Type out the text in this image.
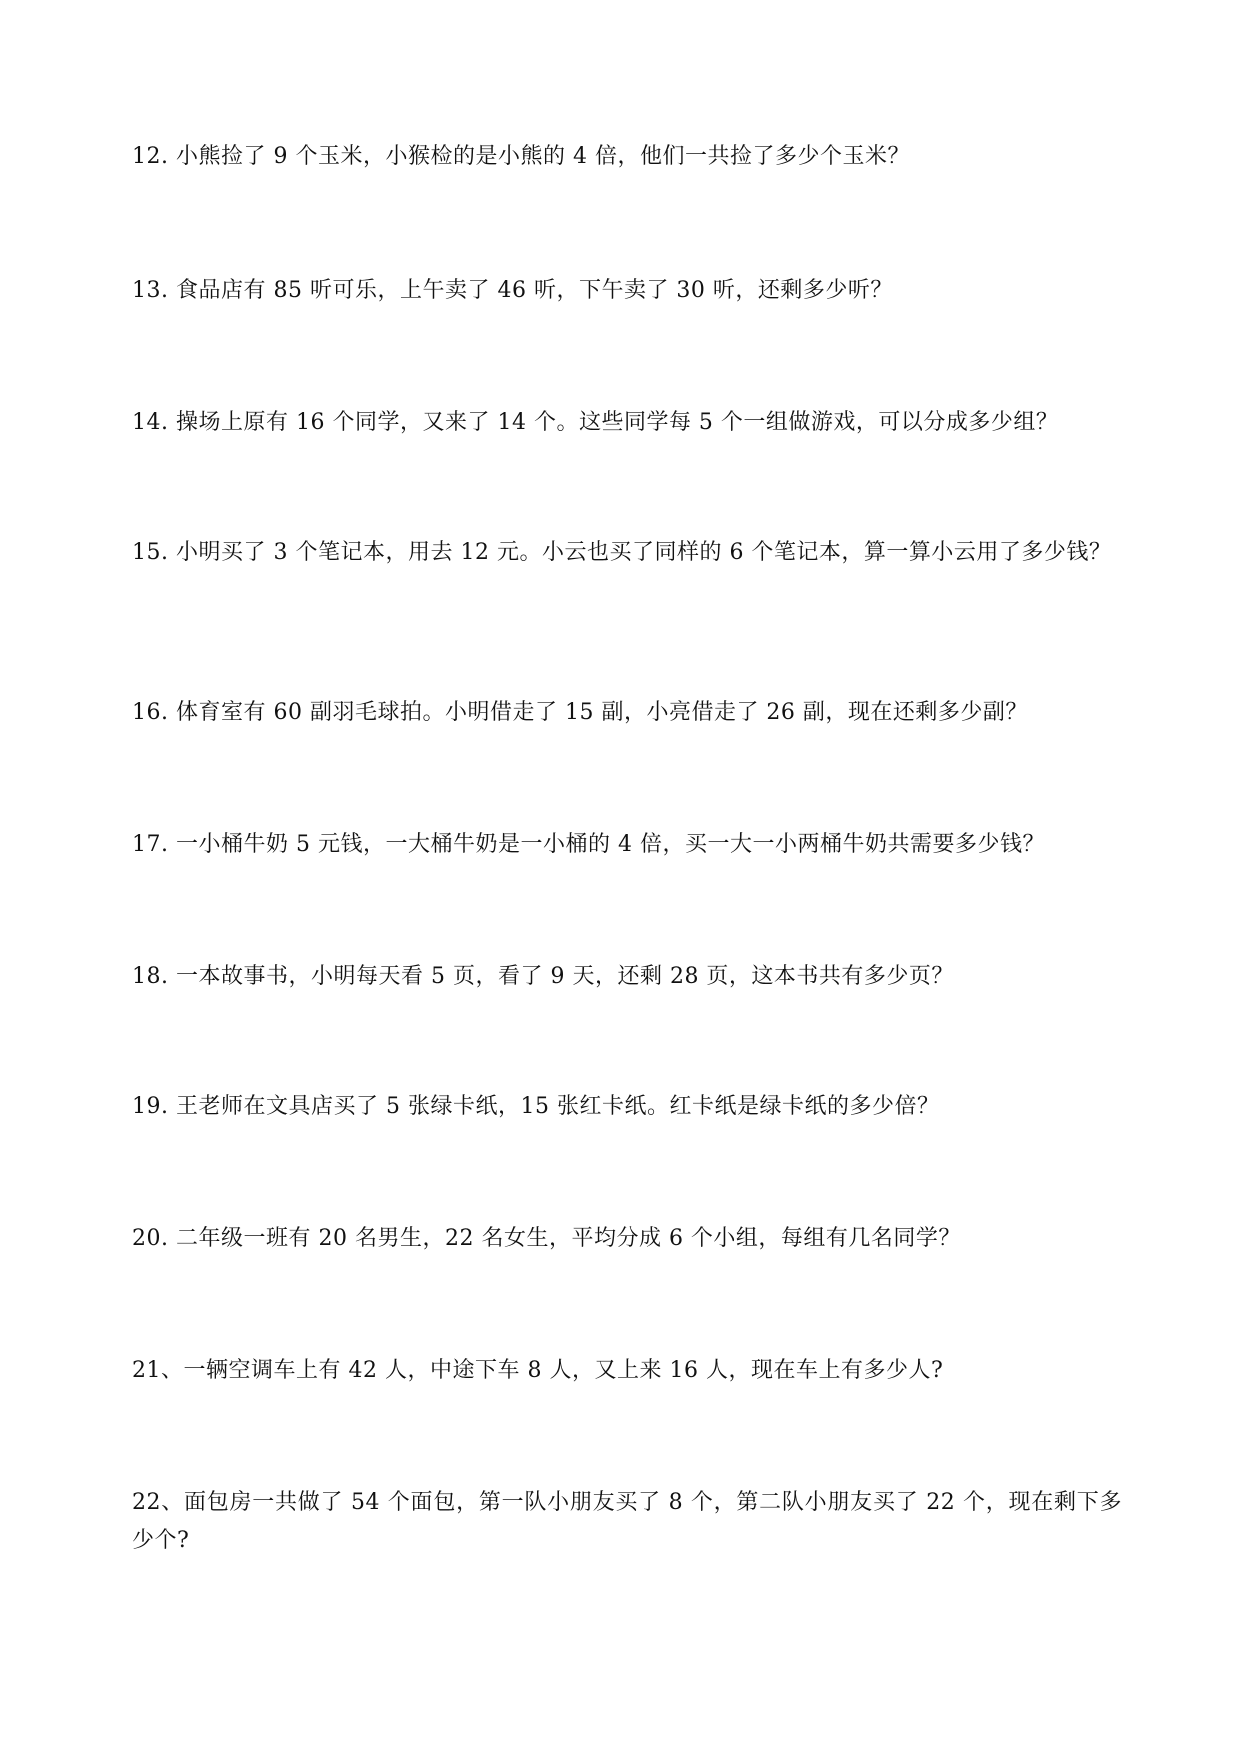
12. 小熊捡了 9 个玉米，小猴检的是小熊的 4 倍，他们一共捡了多少个玉米？

13. 食品店有 85 听可乐，上午卖了 46 听，下午卖了 30 听，还剩多少听？

14. 操场上原有 16 个同学，又来了 14 个。这些同学每 5 个一组做游戏，可以分成多少组？

15. 小明买了 3 个笔记本，用去 12 元。小云也买了同样的 6 个笔记本，算一算小云用了多少钱？

16. 体育室有 60 副羽毛球拍。小明借走了 15 副，小亮借走了 26 副，现在还剩多少副？

17. 一小桶牛奶 5 元钱，一大桶牛奶是一小桶的 4 倍，买一大一小两桶牛奶共需要多少钱？

18. 一本故事书，小明每天看 5 页，看了 9 天，还剩 28 页，这本书共有多少页？

19. 王老师在文具店买了 5 张绿卡纸，15 张红卡纸。红卡纸是绿卡纸的多少倍？

20. 二年级一班有 20 名男生，22 名女生，平均分成 6 个小组，每组有几名同学？

21、一辆空调车上有 42 人，中途下车 8 人，又上来 16 人，现在车上有多少人?

22、面包房一共做了 54 个面包，第一队小朋友买了 8 个，第二队小朋友买了 22 个，现在剩下多少个?
